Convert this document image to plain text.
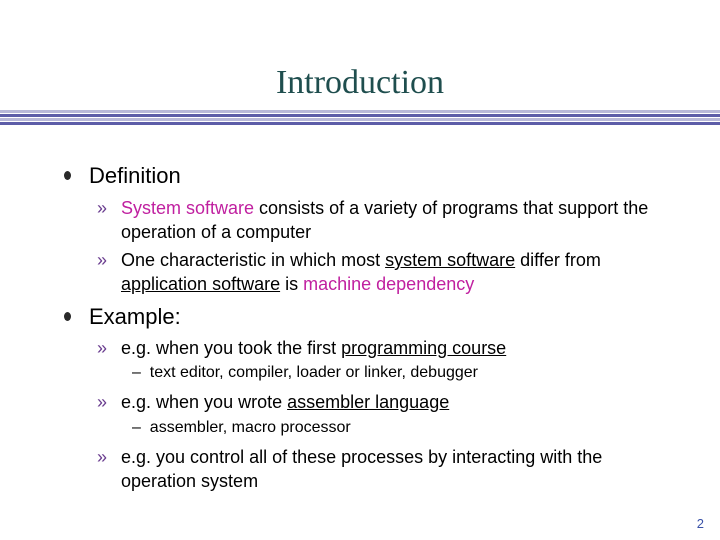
Introduction
Definition
» System software consists of a variety of programs that support the operation of a computer
» One characteristic in which most system software differ from application software is machine dependency
Example:
» e.g. when you took the first programming course
– text editor, compiler, loader or linker, debugger
» e.g. when you wrote assembler language
– assembler, macro processor
» e.g. you control all of these processes by interacting with the operation system
2
